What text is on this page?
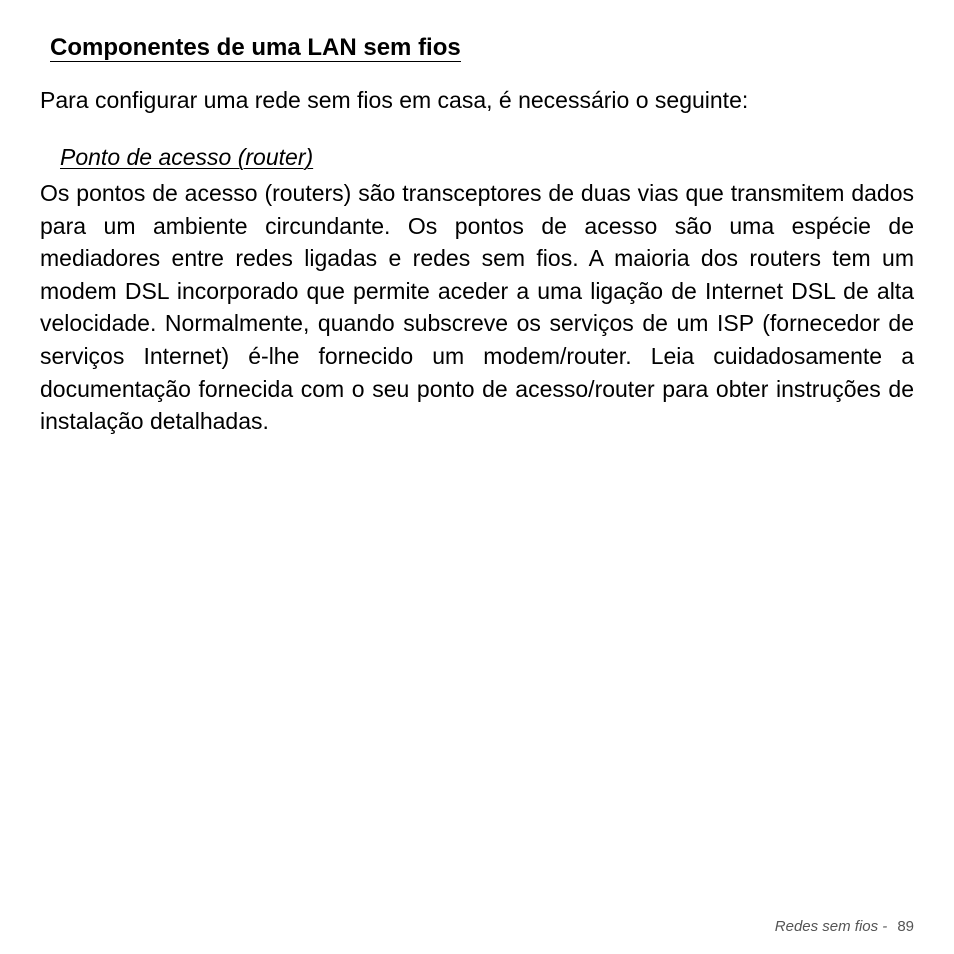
Componentes de uma LAN sem fios

Para configurar uma rede sem fios em casa, é necessário o seguinte:

Ponto de acesso (router)

Os pontos de acesso (routers) são transceptores de duas vias que transmitem dados para um ambiente circundante. Os pontos de acesso são uma espécie de mediadores entre redes ligadas e redes sem fios. A maioria dos routers tem um modem DSL incorporado que permite aceder a uma ligação de Internet DSL de alta velocidade. Normalmente, quando subscreve os serviços de um ISP (fornecedor de serviços Internet) é-lhe fornecido um modem/router. Leia cuidadosamente a documentação fornecida com o seu ponto de acesso/router para obter instruções de instalação detalhadas.

Redes sem fios - 89
